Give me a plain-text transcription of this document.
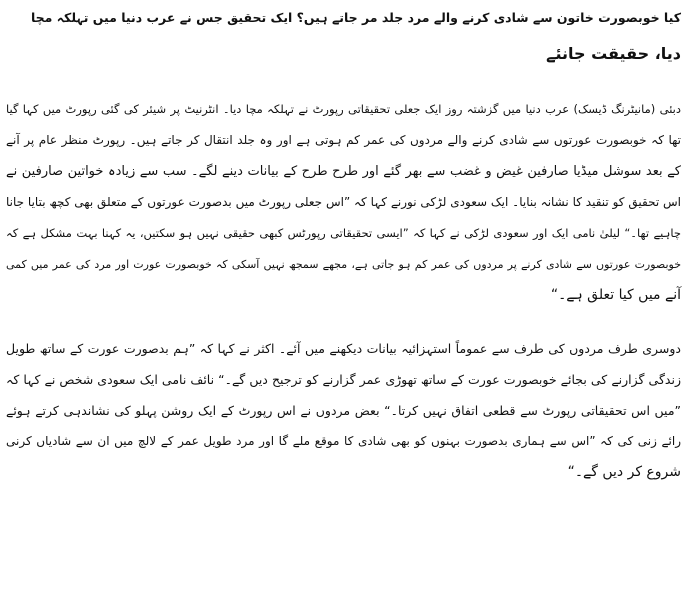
کیا خوبصورت خاتون سے شادی کرنے والے مرد جلد مر جاتے ہیں؟ ایک تحقیق جس نے عرب دنیا میں تہلکہ مچا
دیا، حقیقت جانئے
دبئی (مانیٹرنگ ڈیسک) عرب دنیا میں گزشتہ روز ایک جعلی تحقیقاتی رپورٹ نے تہلکہ مچا دیا۔ انٹرنیٹ پر شیئر کی گئی رپورٹ میں کہا گیا
تھا کہ خوبصورت عورتوں سے شادی کرنے والے مردوں کی عمر کم ہوتی ہے اور وہ جلد انتقال کر جاتے ہیں۔ رپورٹ منظر عام پر آنے
کے بعد سوشل میڈیا صارفین غیض و غضب سے بھر گئے اور طرح طرح کے بیانات دینے لگے۔ سب سے زیادہ خواتین صارفین نے
اس تحقیق کو تنقید کا نشانہ بنایا۔ ایک سعودی لڑکی نورنے کہا کہ ”اس جعلی رپورٹ میں بدصورت عورتوں کے متعلق بھی کچھ بتایا جانا
چاہیے تھا۔“ لیلیٰ نامی ایک اور سعودی لڑکی نے کہا کہ ”ایسی تحقیقاتی رپورٹس کبھی حقیقی نہیں ہو سکتیں، یہ کہنا بہت مشکل ہے کہ
خوبصورت عورتوں سے شادی کرنے پر مردوں کی عمر کم ہو جاتی ہے، مجھے سمجھ نہیں آسکی کہ خوبصورت عورت اور مرد کی عمر میں کمی
آنے میں کیا تعلق ہے۔“
دوسری طرف مردوں کی طرف سے عموماً استہزائیہ بیانات دیکھنے میں آئے۔ اکثر نے کہا کہ ”ہم بدصورت عورت کے ساتھ طویل
زندگی گزارنے کی بجائے خوبصورت عورت کے ساتھ تھوڑی عمر گزارنے کو ترجیح دیں گے۔“ نائف نامی ایک سعودی شخص نے کہا کہ
”میں اس تحقیقاتی رپورٹ سے قطعی اتفاق نہیں کرتا۔“ بعض مردوں نے اس رپورٹ کے ایک روشن پہلو کی نشاندہی کرتے ہوئے
رائے زنی کی کہ ”اس سے ہماری بدصورت بہنوں کو بھی شادی کا موقع ملے گا اور مرد طویل عمر کے لالچ میں ان سے شادیاں کرنی
شروع کر دیں گے۔“
